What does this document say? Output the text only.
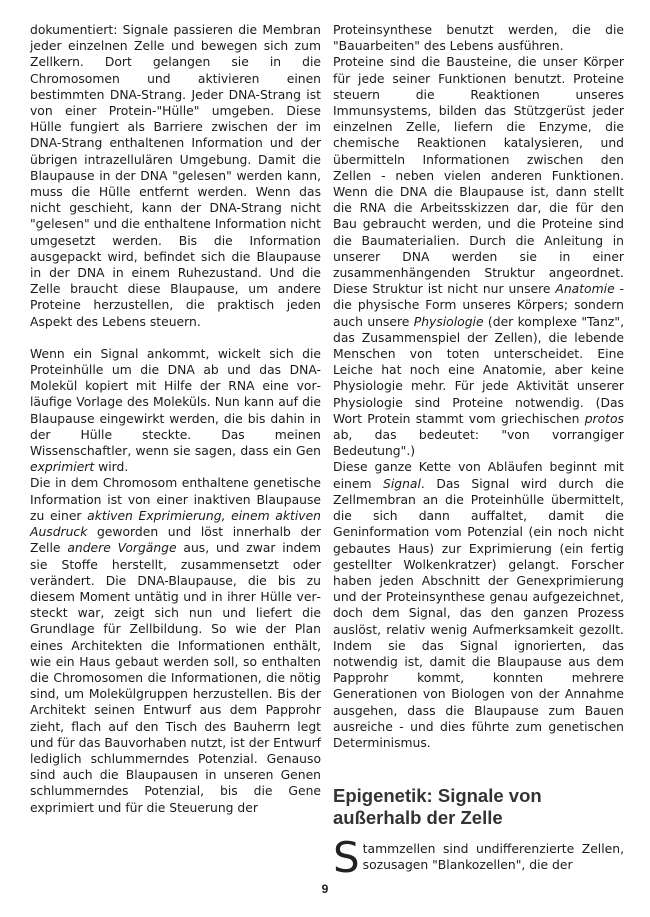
dokumentiert: Signale passieren die Membran jeder einzelnen Zelle und bewegen sich zum Zellkern. Dort gelangen sie in die Chromosomen und aktivieren einen bestimmten DNA-Strang. Jeder DNA-Strang ist von einer Protein-"Hülle" umgeben. Diese Hülle fungiert als Barriere zwischen der im DNA-Strang enthaltenen Information und der übrigen intrazellulären Umgebung. Damit die Blaupause in der DNA "gelesen" werden kann, muss die Hülle entfernt werden. Wenn das nicht geschieht, kann der DNA-Strang nicht "gelesen" und die enthaltene Information nicht umgesetzt werden. Bis die Information ausgepackt wird, befindet sich die Blaupause in der DNA in einem Ruhezustand. Und die Zelle braucht diese Blaupause, um andere Proteine herzustellen, die praktisch jeden Aspekt des Lebens steuern.

Wenn ein Signal ankommt, wickelt sich die Proteinhülle um die DNA ab und das DNA-Molekül kopiert mit Hilfe der RNA eine vorläufige Vorlage des Moleküls. Nun kann auf die Blaupause eingewirkt werden, die bis dahin in der Hülle steckte. Das meinen Wissenschaftler, wenn sie sagen, dass ein Gen exprimiert wird.

Die in dem Chromosom enthaltene genetische Information ist von einer inaktiven Blaupause zu einer aktiven Exprimierung, einem aktiven Ausdruck geworden und löst innerhalb der Zelle andere Vorgänge aus, und zwar indem sie Stoffe herstellt, zusammensetzt oder verändert. Die DNA-Blaupause, die bis zu diesem Moment untätig und in ihrer Hülle versteckt war, zeigt sich nun und liefert die Grundlage für Zellbildung. So wie der Plan eines Architekten die Informationen enthält, wie ein Haus gebaut werden soll, so enthalten die Chromosomen die Informationen, die nötig sind, um Molekülgruppen herzustellen. Bis der Architekt seinen Entwurf aus dem Papprohr zieht, flach auf den Tisch des Bauherrn legt und für das Bauvorhaben nutzt, ist der Entwurf lediglich schlummerndes Potenzial. Genauso sind auch die Blaupausen in unseren Genen schlummerndes Potenzial, bis die Gene exprimiert und für die Steuerung der

Proteinsynthese benutzt werden, die die "Bauarbeiten" des Lebens ausführen.

Proteine sind die Bausteine, die unser Körper für jede seiner Funktionen benutzt. Proteine steuern die Reaktionen unseres Immunsystems, bilden das Stützgerüst jeder einzelnen Zelle, liefern die Enzyme, die chemische Reaktionen katalysieren, und übermitteln Informationen zwischen den Zellen - neben vielen anderen Funktionen. Wenn die DNA die Blaupause ist, dann stellt die RNA die Arbeitsskizzen dar, die für den Bau gebraucht werden, und die Proteine sind die Baumaterialien. Durch die Anleitung in unserer DNA werden sie in einer zusammenhängenden Struktur angeordnet. Diese Struktur ist nicht nur unsere Anatomie - die physische Form unseres Körpers; sondern auch unsere Physiologie (der komplexe "Tanz", das Zusammenspiel der Zellen), die lebende Menschen von toten unterscheidet. Eine Leiche hat noch eine Anatomie, aber keine Physiologie mehr. Für jede Aktivität unserer Physiologie sind Proteine notwendig. (Das Wort Protein stammt vom griechischen protos ab, das bedeutet: "von vorrangiger Bedeutung".)

Diese ganze Kette von Abläufen beginnt mit einem Signal. Das Signal wird durch die Zellmembran an die Proteinhülle übermittelt, die sich dann auffaltet, damit die Geninformation vom Potenzial (ein noch nicht gebautes Haus) zur Exprimierung (ein fertig gestellter Wolkenkratzer) gelangt. Forscher haben jeden Abschnitt der Genexprimierung und der Proteinsynthese genau aufgezeichnet, doch dem Signal, das den ganzen Prozess auslöst, relativ wenig Aufmerksamkeit gezollt. Indem sie das Signal ignorierten, das notwendig ist, damit die Blaupause aus dem Papprohr kommt, konnten mehrere Generationen von Biologen von der Annahme ausgehen, dass die Blaupause zum Bauen ausreiche - und dies führte zum genetischen Determinismus.

Epigenetik: Signale von außerhalb der Zelle

Stammzellen sind undifferenzierte Zellen, sozusagen "Blankozellen", die der

9
